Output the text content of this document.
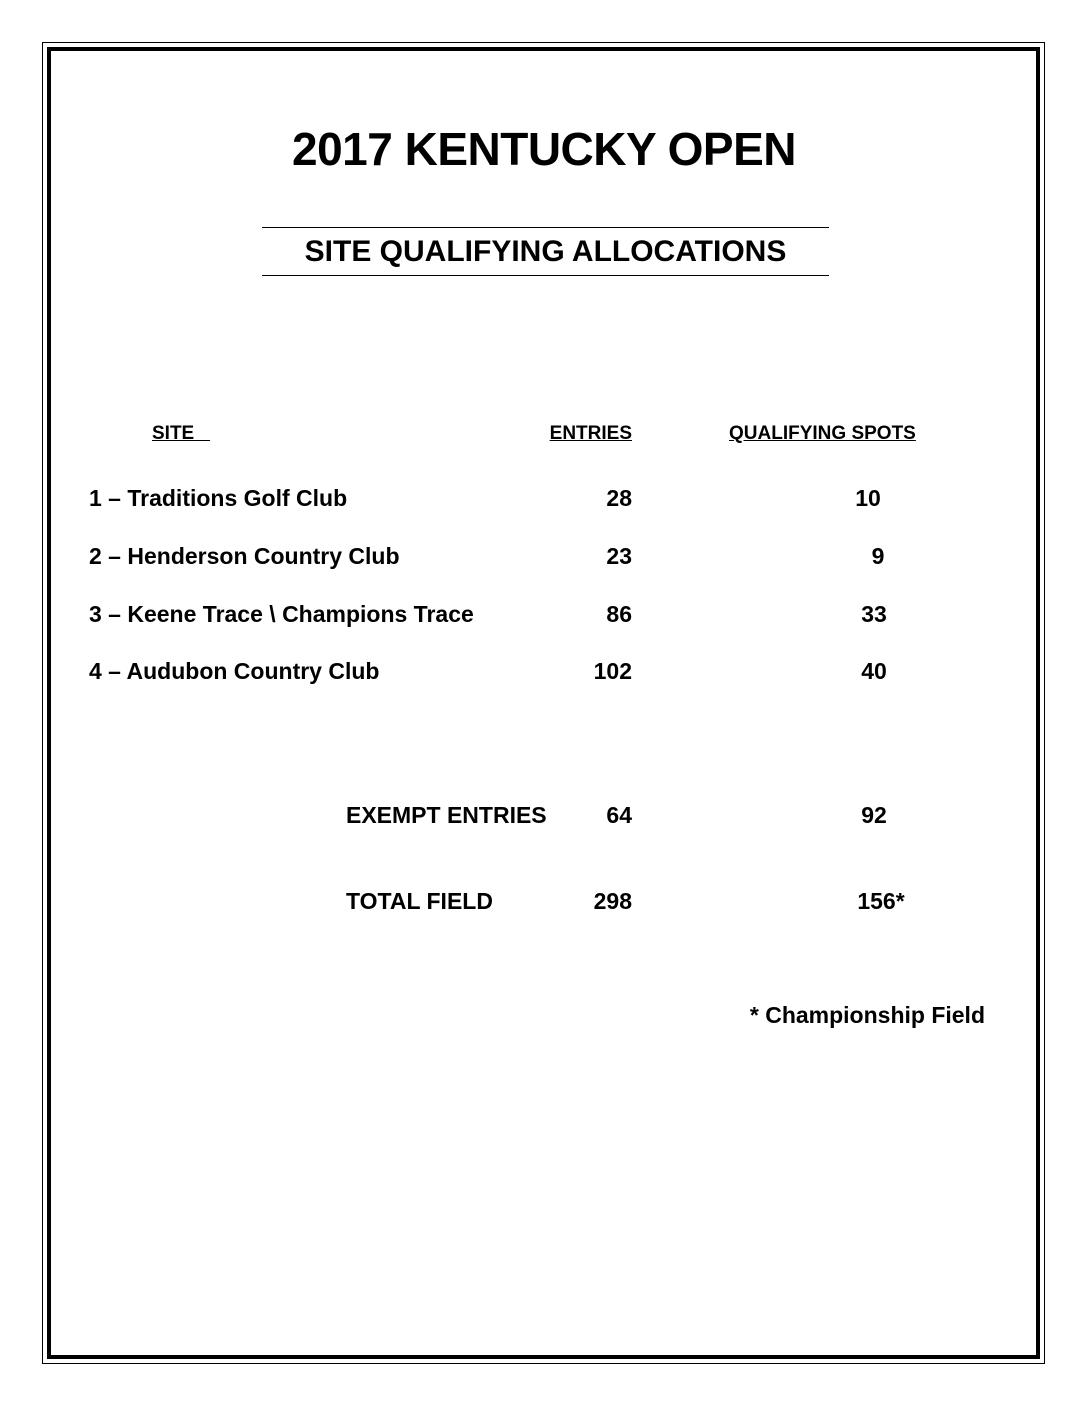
2017 KENTUCKY OPEN
SITE QUALIFYING ALLOCATIONS
SITE	ENTRIES	QUALIFYING SPOTS
1 – Traditions Golf Club	28	10
2 – Henderson Country Club	23	9
3 – Keene Trace \ Champions Trace	86	33
4 – Audubon Country Club	102	40
EXEMPT ENTRIES	64	92
TOTAL FIELD	298	156*
* Championship Field
